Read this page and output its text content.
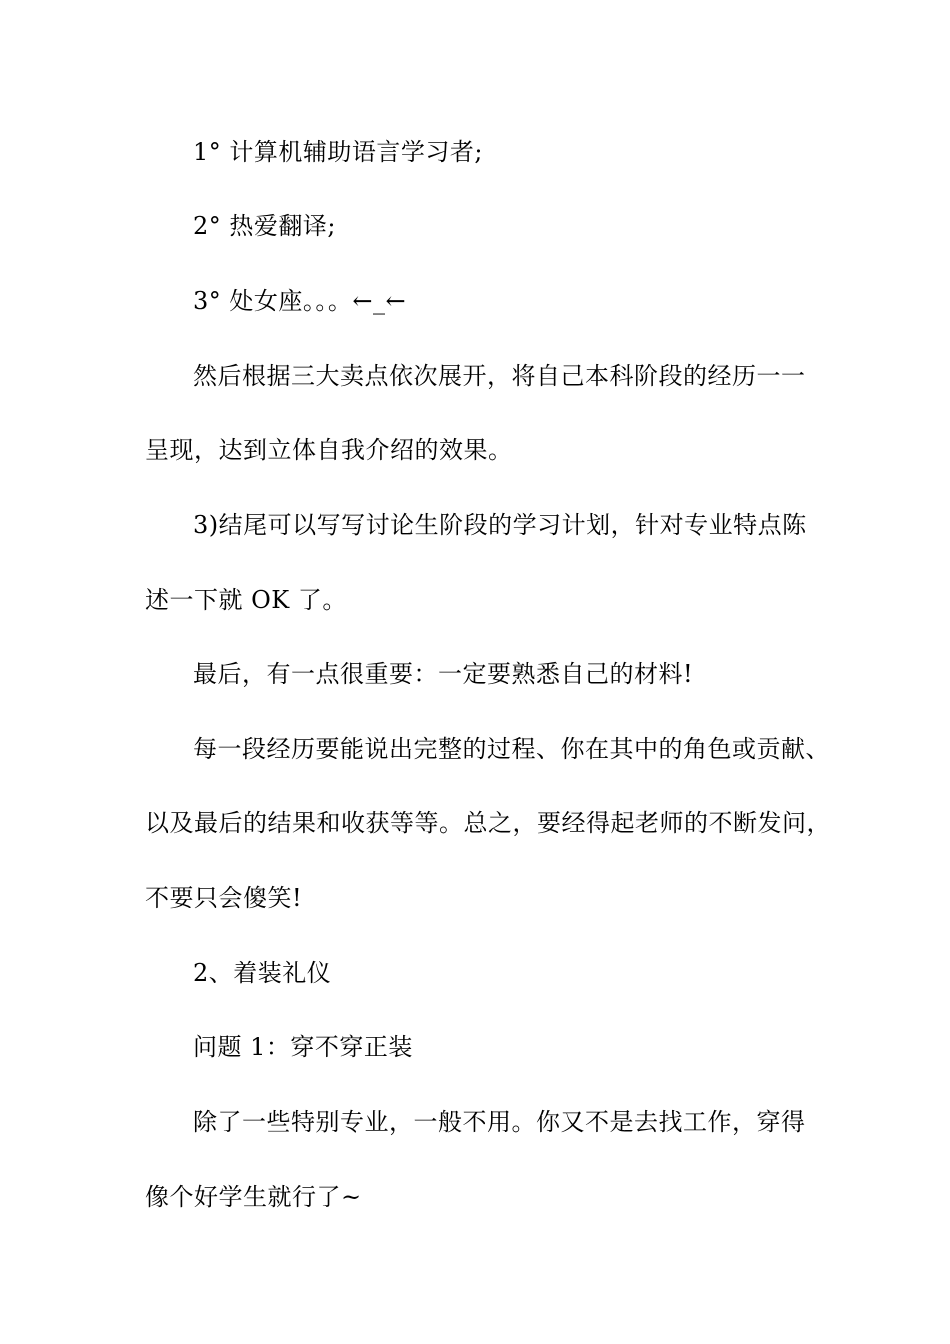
1° 计算机辅助语言学习者;
2° 热爱翻译;
3° 处女座。。。←_←
然后根据三大卖点依次展开，将自己本科阶段的经历一一
呈现，达到立体自我介绍的效果。
3)结尾可以写写讨论生阶段的学习计划，针对专业特点陈
述一下就 OK 了。
最后，有一点很重要：一定要熟悉自己的材料!
每一段经历要能说出完整的过程、你在其中的角色或贡献、
以及最后的结果和收获等等。总之，要经得起老师的不断发问，
不要只会傻笑!
2、着装礼仪
问题 1：穿不穿正装
除了一些特别专业，一般不用。你又不是去找工作，穿得
像个好学生就行了~
